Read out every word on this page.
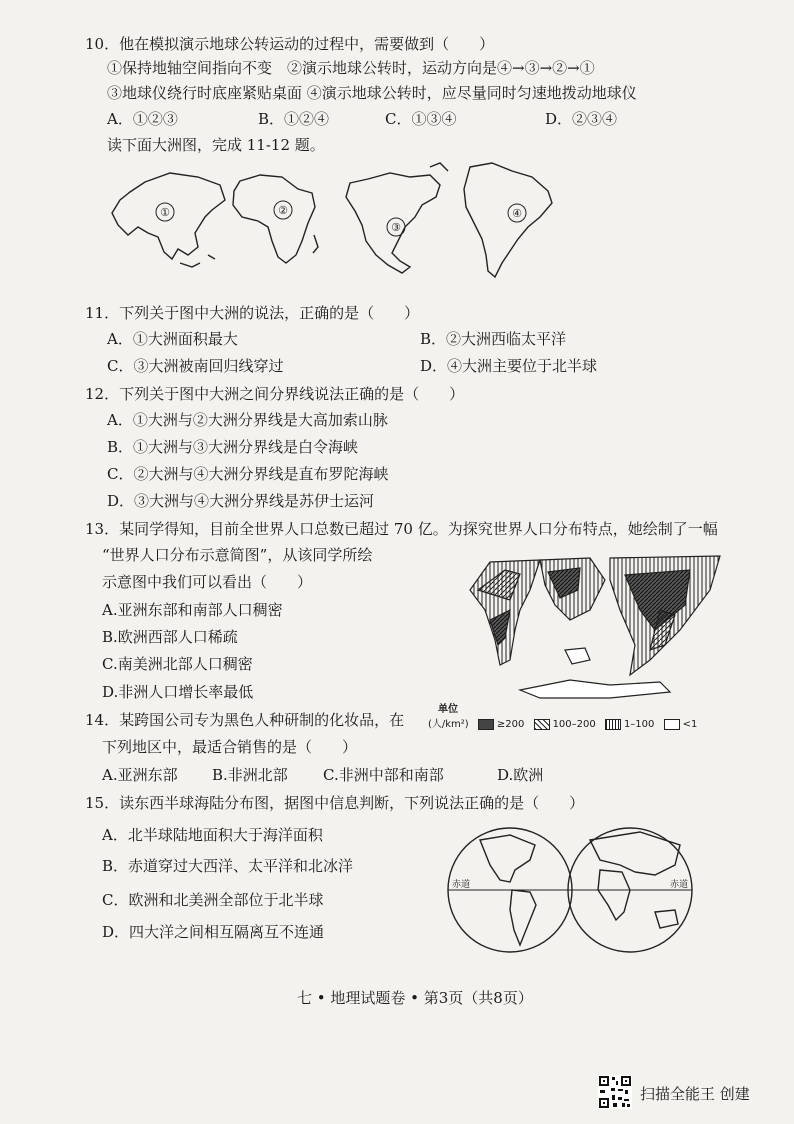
10．他在模拟演示地球公转运动的过程中，需要做到（　　）
①保持地轴空间指向不变　②演示地球公转时，运动方向是④→③→②→①
③地球仪绕行时底座紧贴桌面 ④演示地球公转时，应尽量同时匀速地拨动地球仪
A．①②③	B．①②④	C．①③④	D．②③④
读下面大洲图，完成 11-12 题。
①	②
③
④
11．下列关于图中大洲的说法，正确的是（　　）
A．①大洲面积最大	B．②大洲西临太平洋
C．③大洲被南回归线穿过	D．④大洲主要位于北半球
12．下列关于图中大洲之间分界线说法正确的是（　　）
A．①大洲与②大洲分界线是大高加索山脉
B．①大洲与③大洲分界线是白令海峡
C．②大洲与④大洲分界线是直布罗陀海峡
D．③大洲与④大洲分界线是苏伊士运河
13．某同学得知，目前全世界人口总数已超过 70 亿。为探究世界人口分布特点，她绘制了一幅
“世界人口分布示意简图”，从该同学所绘
示意图中我们可以看出（　　）
A.亚洲东部和南部人口稠密
B.欧洲西部人口稀疏
C.南美洲北部人口稠密
D.非洲人口增长率最低
单位
(人/km²)	≥200	100–200	1–100	<1
14．某跨国公司专为黑色人种研制的化妆品，在
下列地区中，最适合销售的是（　　）
A.亚洲东部 B.非洲北部 C.非洲中部和南部	D.欧洲
15．读东西半球海陆分布图，据图中信息判断，下列说法正确的是（　　）
A．北半球陆地面积大于海洋面积
B．赤道穿过大西洋、太平洋和北冰洋
C．欧洲和北美洲全部位于北半球
D．四大洋之间相互隔离互不连通
赤道	赤道
七 • 地理试题卷 • 第3页（共8页）
扫描全能王 创建
